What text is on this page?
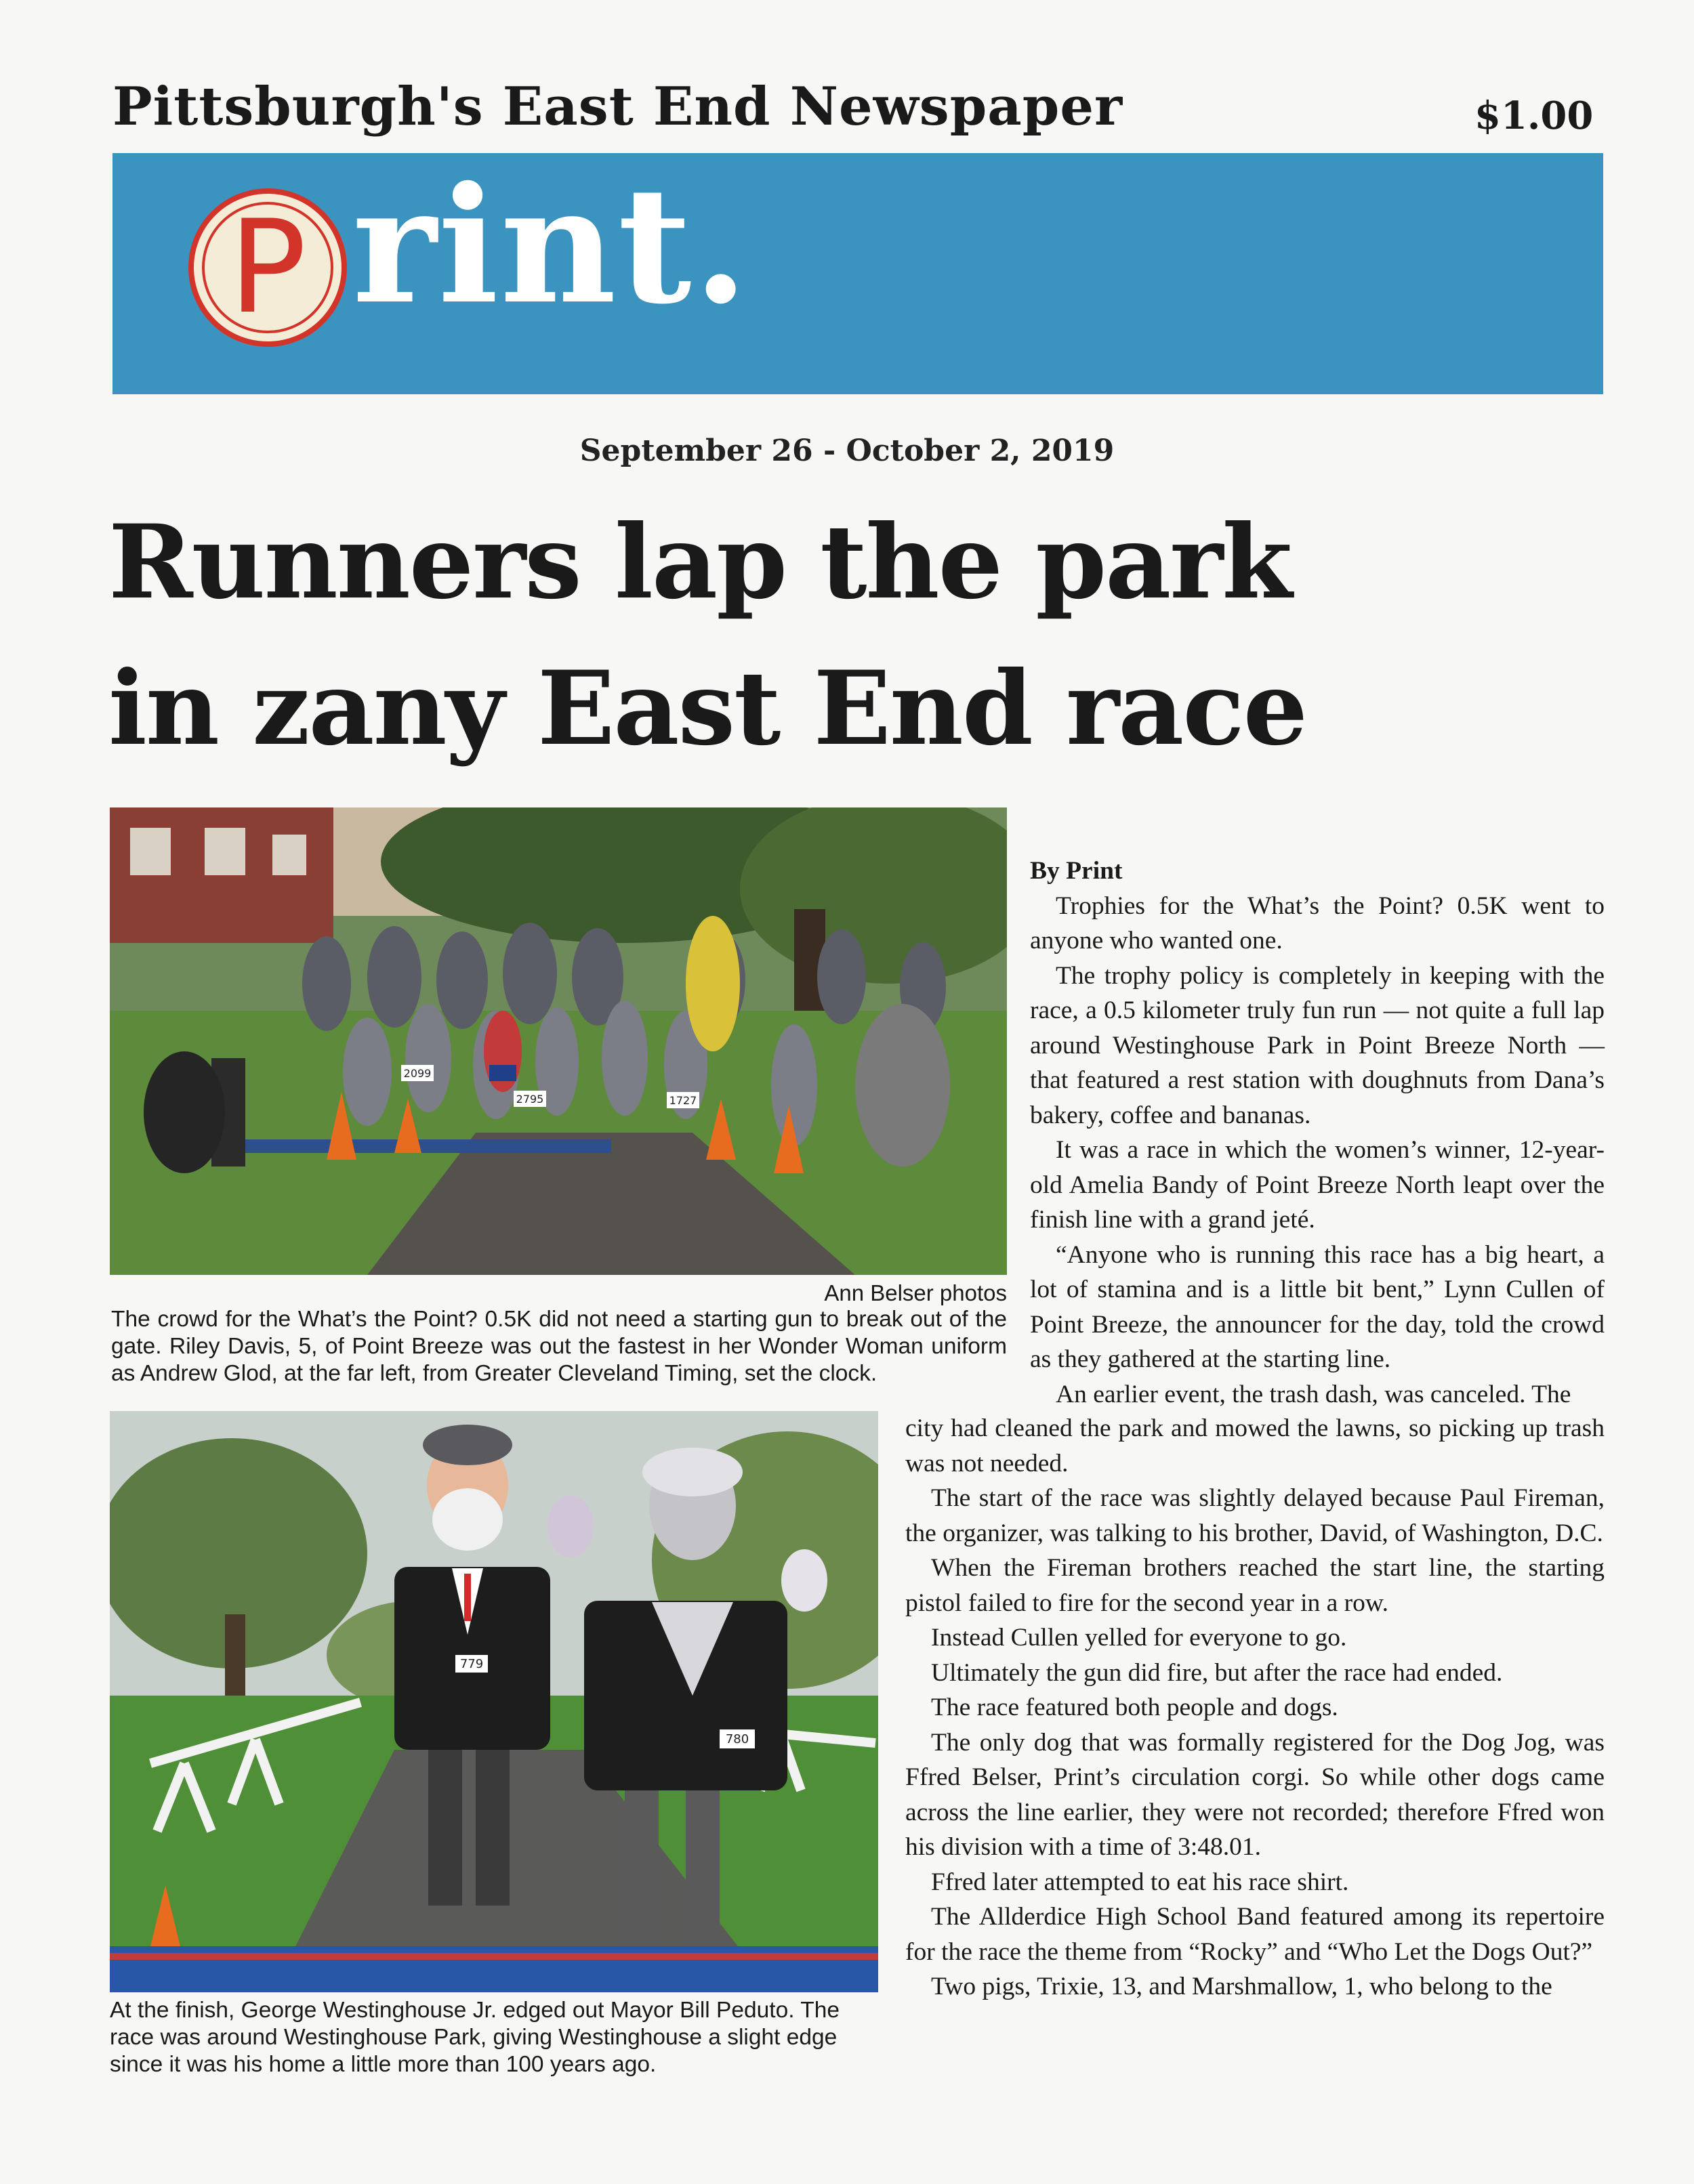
Pittsburgh's East End Newspaper	$1.00
P rint.
September 26 - October 2, 2019
Runners lap the park
in zany East End race
2099
2795	1727
Ann Belser photos
The crowd for the What’s the Point? 0.5K did not need a starting gun to break out of the gate. Riley Davis, 5, of Point Breeze was out the fastest in her Wonder Woman uniform as Andrew Glod, at the far left, from Greater Cleveland Timing, set the clock.
779
780
At the finish, George Westinghouse Jr. edged out Mayor Bill Peduto. The race was around Westinghouse Park, giving Westinghouse a slight edge since it was his home a little more than 100 years ago.

By Print

Trophies for the What’s the Point? 0.5K went to anyone who wanted one.

The trophy policy is completely in keeping with the race, a 0.5 kilometer truly fun run — not quite a full lap around Westinghouse Park in Point Breeze North — that featured a rest station with doughnuts from Dana’s bakery, coffee and bananas.

It was a race in which the women’s winner, 12-year-old Amelia Bandy of Point Breeze North leapt over the finish line with a grand jeté.

“Anyone who is running this race has a big heart, a lot of stamina and is a little bit bent,” Lynn Cullen of Point Breeze, the announcer for the day, told the crowd as they gathered at the starting line.

An earlier event, the trash dash, was canceled. The

city had cleaned the park and mowed the lawns, so picking up trash was not needed.

The start of the race was slightly delayed because Paul Fireman, the organizer, was talking to his brother, David, of Washington, D.C.

When the Fireman brothers reached the start line, the starting pistol failed to fire for the second year in a row.

Instead Cullen yelled for everyone to go.

Ultimately the gun did fire, but after the race had ended.

The race featured both people and dogs.

The only dog that was formally registered for the Dog Jog, was Ffred Belser, Print’s circulation corgi. So while other dogs came across the line earlier, they were not recorded; therefore Ffred won his division with a time of 3:48.01.

Ffred later attempted to eat his race shirt.

The Allderdice High School Band featured among its repertoire for the race the theme from “Rocky” and “Who Let the Dogs Out?”

Two pigs, Trixie, 13, and Marshmallow, 1, who belong to the
